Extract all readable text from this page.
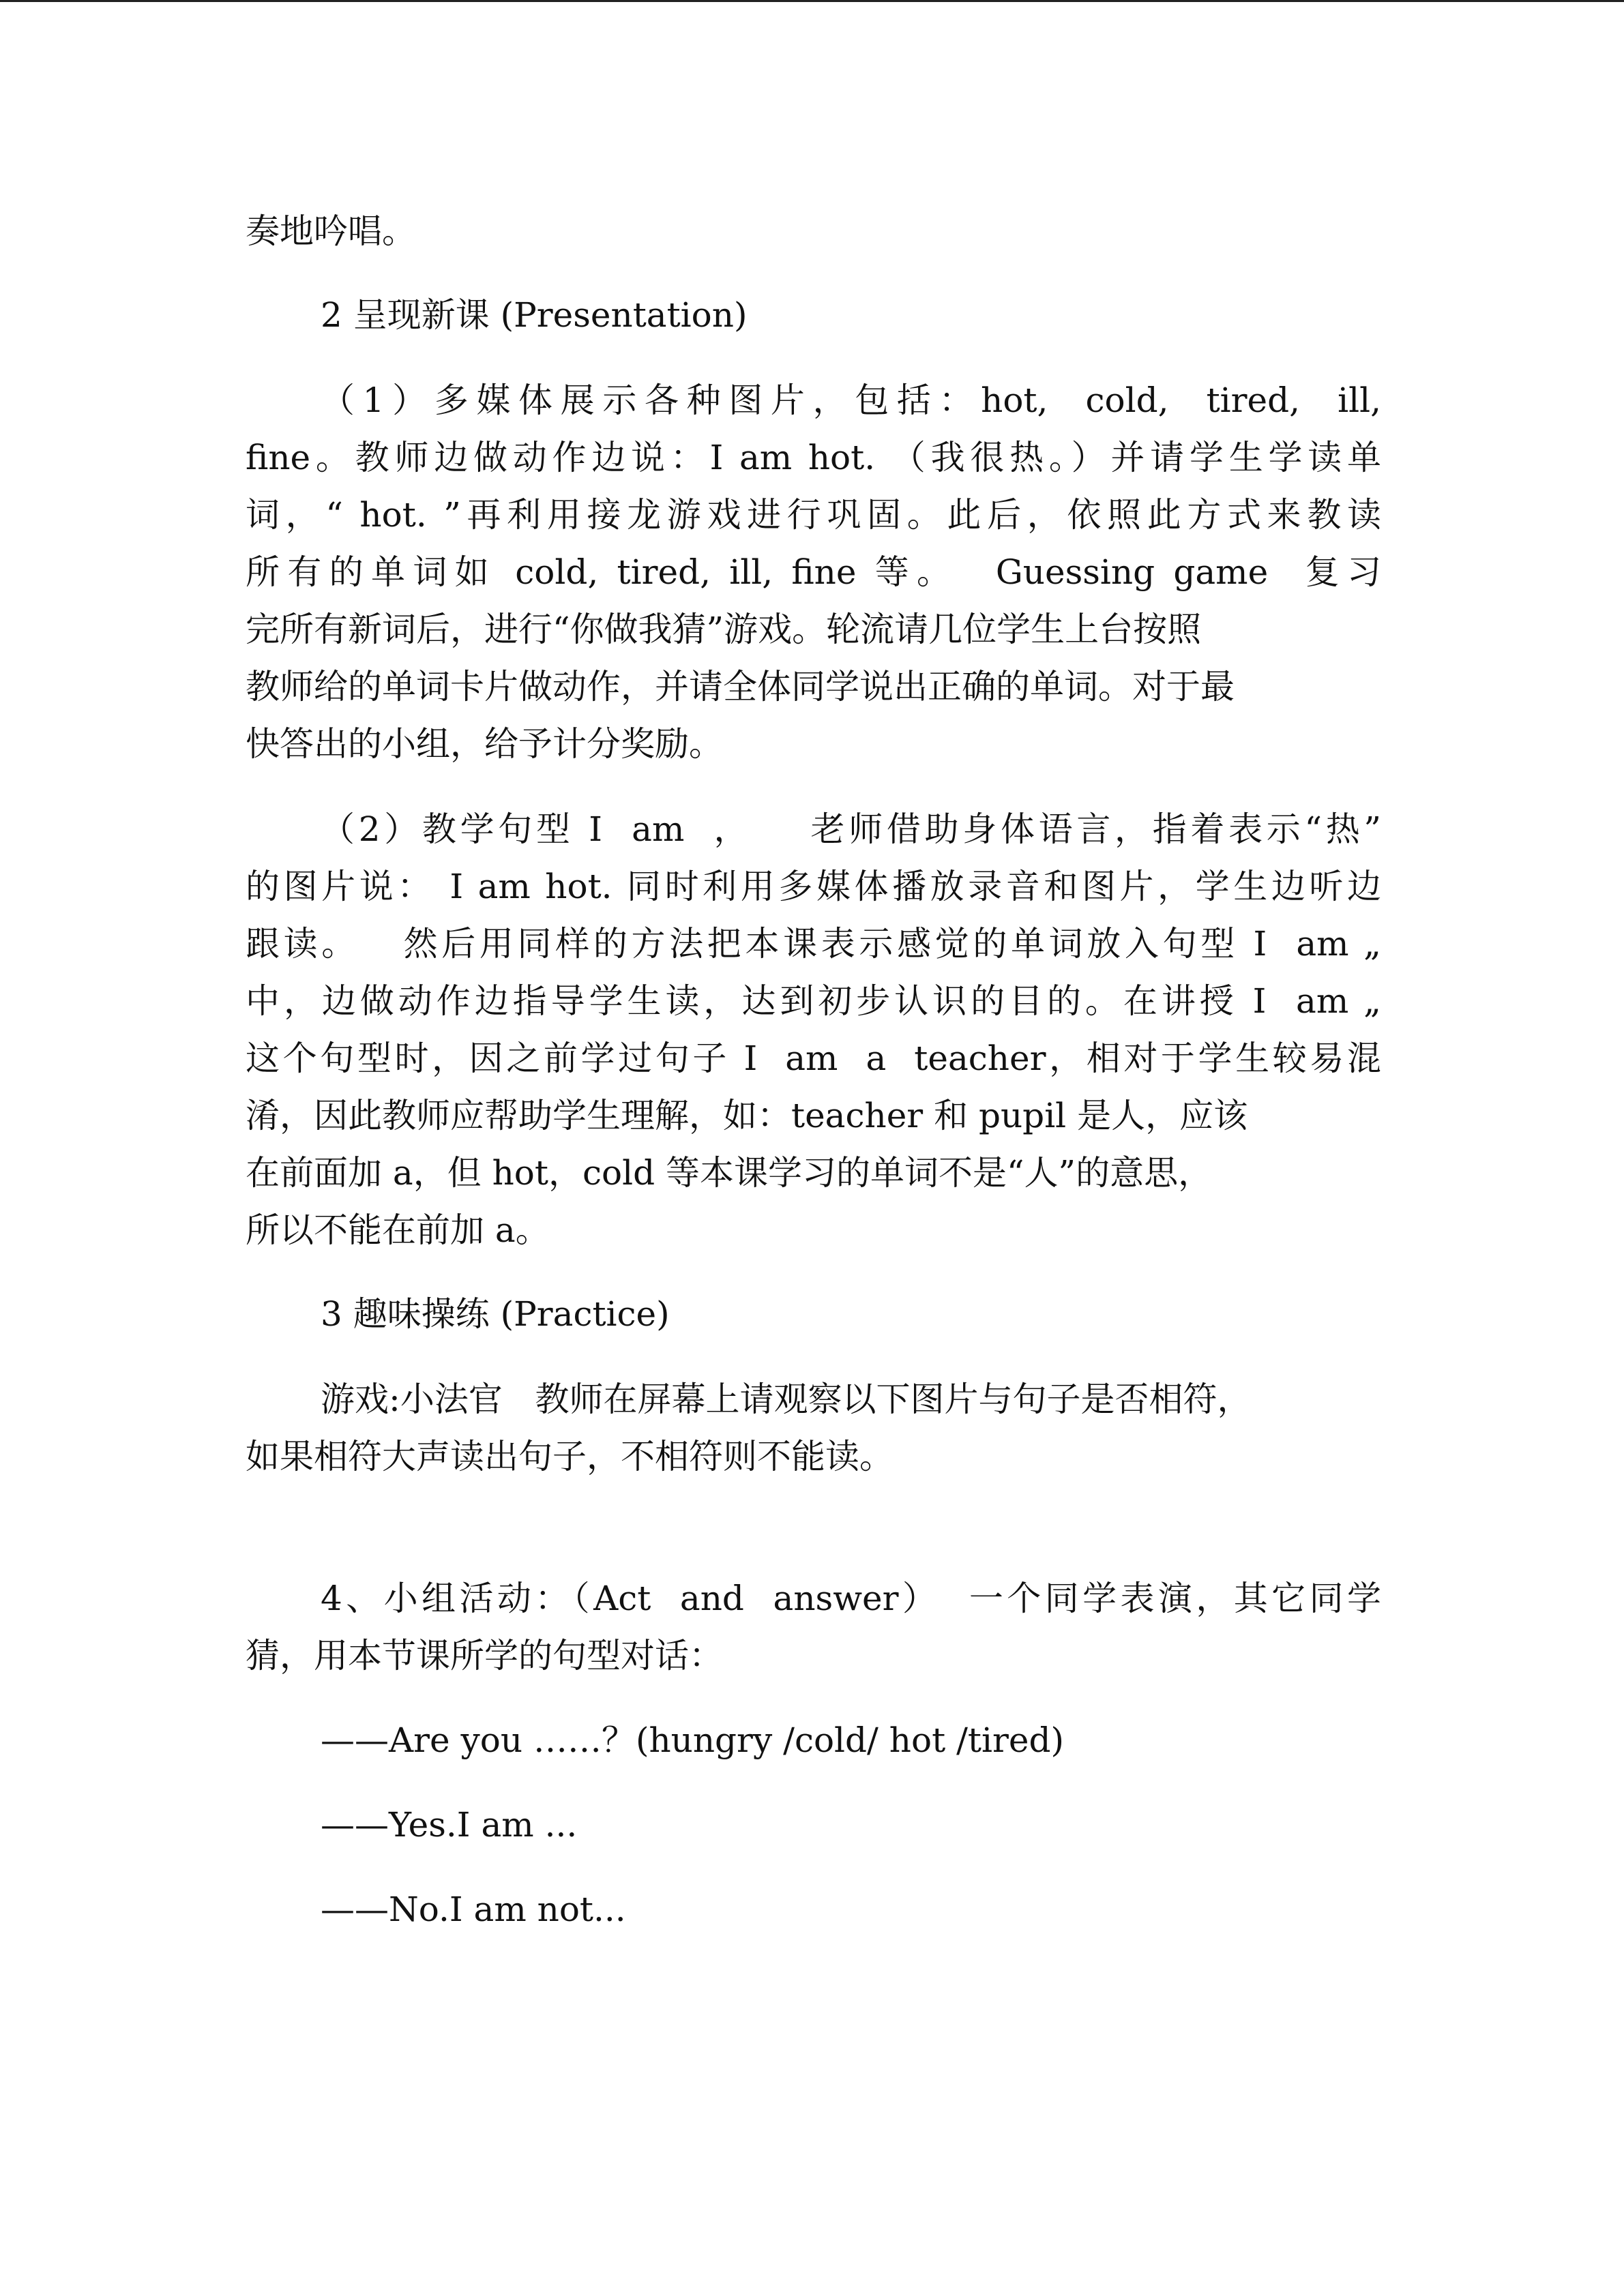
奏地吟唱。
2 呈现新课 (Presentation)
（1）多媒体展示各种图片，包括：hot,  cold,  tired,  ill,
fine。教师边做动作边说：I am hot. （我很热。）并请学生学读单
词，“ hot. ”再利用接龙游戏进行巩固。此后，依照此方式来教读
所有的单词如 cold, tired, ill, fine 等。  Guessing game  复习
完所有新词后，进行“你做我猜”游戏。轮流请几位学生上台按照
教师给的单词卡片做动作，并请全体同学说出正确的单词。对于最
快答出的小组，给予计分奖励。
（2）教学句型 I  am  ，    老师借助身体语言，指着表示“热”
的图片说： I am hot. 同时利用多媒体播放录音和图片，学生边听边
跟读。   然后用同样的方法把本课表示感觉的单词放入句型 I  am „
中，边做动作边指导学生读，达到初步认识的目的。在讲授 I  am „
这个句型时，因之前学过句子 I  am  a  teacher，相对于学生较易混
淆，因此教师应帮助学生理解，如：teacher 和 pupil 是人，应该
在前面加 a，但 hot，cold 等本课学习的单词不是“人”的意思，
所以不能在前加 a。
3 趣味操练 (Practice)
游戏:小法官   教师在屏幕上请观察以下图片与句子是否相符，
如果相符大声读出句子，不相符则不能读。
4、小组活动：（Act  and  answer）  一个同学表演，其它同学
猜，用本节课所学的句型对话：
——Are you ……？(hungry /cold/ hot /tired)
——Yes.I am ...
——No.I am not...
